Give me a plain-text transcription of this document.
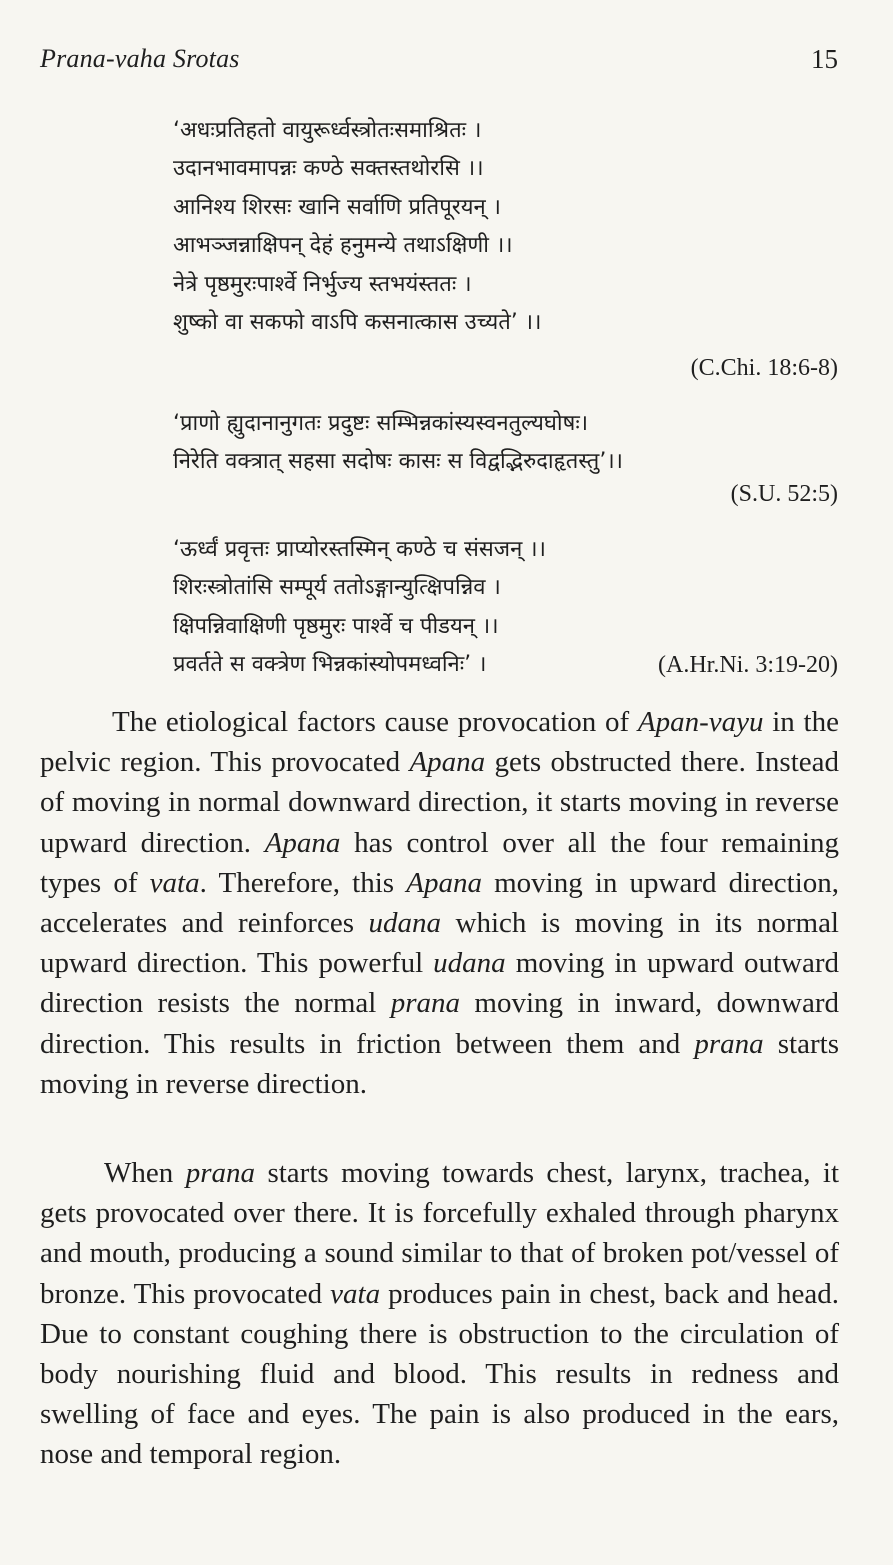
Prana-vaha Srotas	15
‘अधःप्रतिहतो वायुरूर्ध्वस्त्रोतःसमाश्रितः ।
उदानभावमापन्नः कण्ठे सक्तस्तथोरसि ।।
आनिश्य शिरसः खानि सर्वाणि प्रतिपूरयन् ।
आभञ्जन्नाक्षिपन् देहं हनुमन्ये तथाऽक्षिणी ।।
नेत्रे पृष्ठमुरःपार्श्वे निर्भुज्य स्तभयंस्ततः ।
शुष्को वा सकफो वाऽपि कसनात्कास उच्यते’ ।।
(C.Chi. 18:6-8)
‘प्राणो ह्युदानानुगतः प्रदुष्टः सम्भिन्नकांस्यस्वनतुल्यघोषः।
निरेति वक्त्रात् सहसा सदोषः कासः स विद्वद्भिरुदाहृतस्तु’।।
(S.U. 52:5)
‘ऊर्ध्वं प्रवृत्तः प्राप्योरस्तस्मिन् कण्ठे च संसजन् ।।
शिरःस्त्रोतांसि सम्पूर्य ततोऽङ्गान्युत्क्षिपन्निव ।
क्षिपन्निवाक्षिणी पृष्ठमुरः पार्श्वे च पीडयन् ।।
प्रवर्तते स वक्त्रेण भिन्नकांस्योपमध्वनिः’ ।	(A.Hr.Ni. 3:19-20)

The etiological factors cause provocation of Apan-vayu in the pelvic region. This provocated Apana gets obstructed there. Instead of moving in normal downward direction, it starts moving in reverse upward direction. Apana has control over all the four remaining types of vata. Therefore, this Apana moving in upward direction, accelerates and reinforces udana which is moving in its normal upward direction. This powerful udana moving in upward outward direction resists the normal prana moving in inward, downward direction. This results in friction between them and prana starts moving in reverse direction.

When prana starts moving towards chest, larynx, trachea, it gets provocated over there. It is forcefully exhaled through pharynx and mouth, producing a sound similar to that of broken pot/vessel of bronze. This provocated vata produces pain in chest, back and head. Due to constant coughing there is obstruction to the circulation of body nourishing fluid and blood. This results in redness and swelling of face and eyes. The pain is also produced in the ears, nose and temporal region.
